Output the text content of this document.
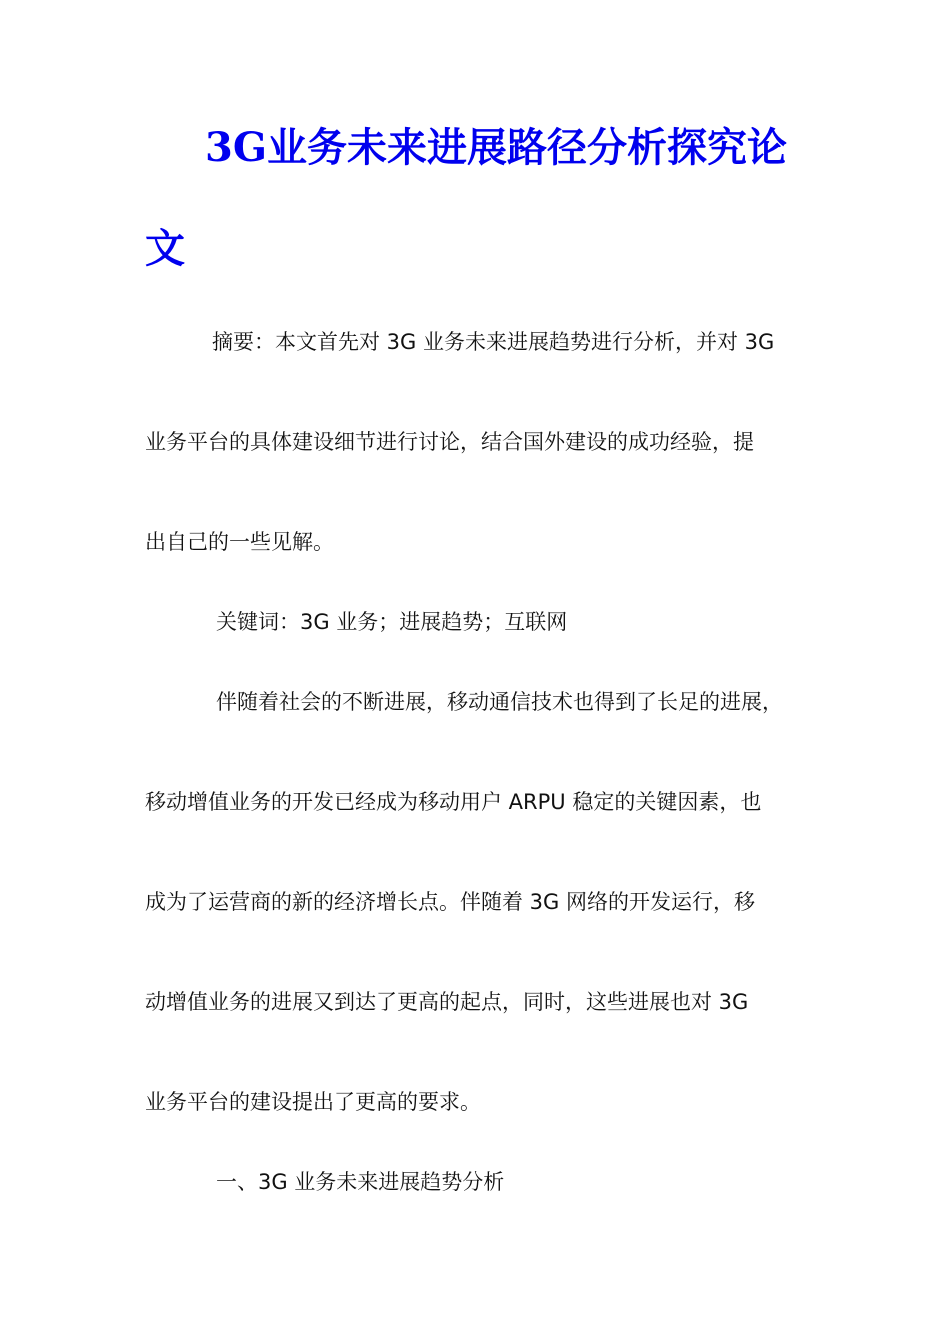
3G业务未来进展路径分析探究论
文
摘要：本文首先对 3G 业务未来进展趋势进行分析，并对 3G
业务平台的具体建设细节进行讨论，结合国外建设的成功经验，提
出自己的一些见解。
关键词：3G 业务；进展趋势；互联网
伴随着社会的不断进展，移动通信技术也得到了长足的进展，
移动增值业务的开发已经成为移动用户 ARPU 稳定的关键因素，也
成为了运营商的新的经济增长点。伴随着 3G 网络的开发运行，移
动增值业务的进展又到达了更高的起点，同时，这些进展也对 3G
业务平台的建设提出了更高的要求。
一、3G 业务未来进展趋势分析
